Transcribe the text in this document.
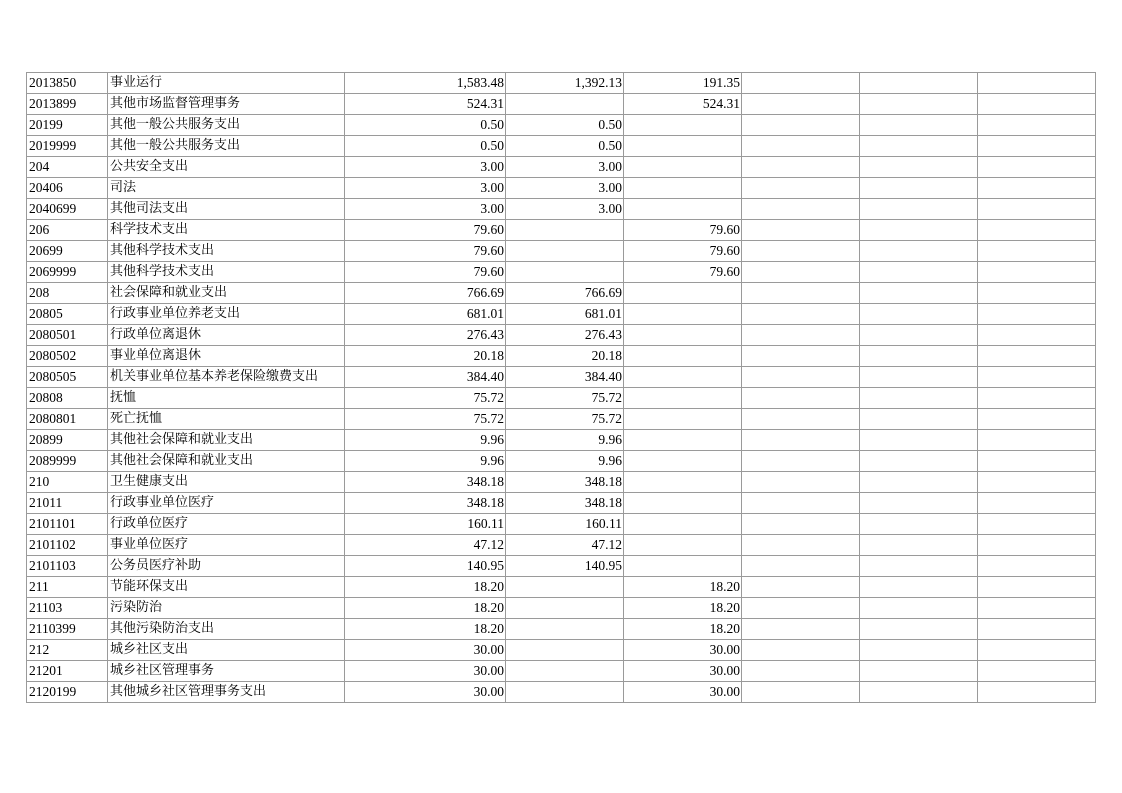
2013850	事业运行	1,583.48	1,392.13	191.35			
2013899	其他市场监督管理事务	524.31		524.31			
20199	其他一般公共服务支出	0.50	0.50				
2019999	其他一般公共服务支出	0.50	0.50				
204	公共安全支出	3.00	3.00				
20406	司法	3.00	3.00				
2040699	其他司法支出	3.00	3.00				
206	科学技术支出	79.60		79.60			
20699	其他科学技术支出	79.60		79.60			
2069999	其他科学技术支出	79.60		79.60			
208	社会保障和就业支出	766.69	766.69				
20805	行政事业单位养老支出	681.01	681.01				
2080501	行政单位离退休	276.43	276.43				
2080502	事业单位离退休	20.18	20.18				
2080505	机关事业单位基本养老保险缴费支出	384.40	384.40				
20808	抚恤	75.72	75.72				
2080801	死亡抚恤	75.72	75.72				
20899	其他社会保障和就业支出	9.96	9.96				
2089999	其他社会保障和就业支出	9.96	9.96				
210	卫生健康支出	348.18	348.18				
21011	行政事业单位医疗	348.18	348.18				
2101101	行政单位医疗	160.11	160.11				
2101102	事业单位医疗	47.12	47.12				
2101103	公务员医疗补助	140.95	140.95				
211	节能环保支出	18.20		18.20			
21103	污染防治	18.20		18.20			
2110399	其他污染防治支出	18.20		18.20			
212	城乡社区支出	30.00		30.00			
21201	城乡社区管理事务	30.00		30.00			
2120199	其他城乡社区管理事务支出	30.00		30.00			
